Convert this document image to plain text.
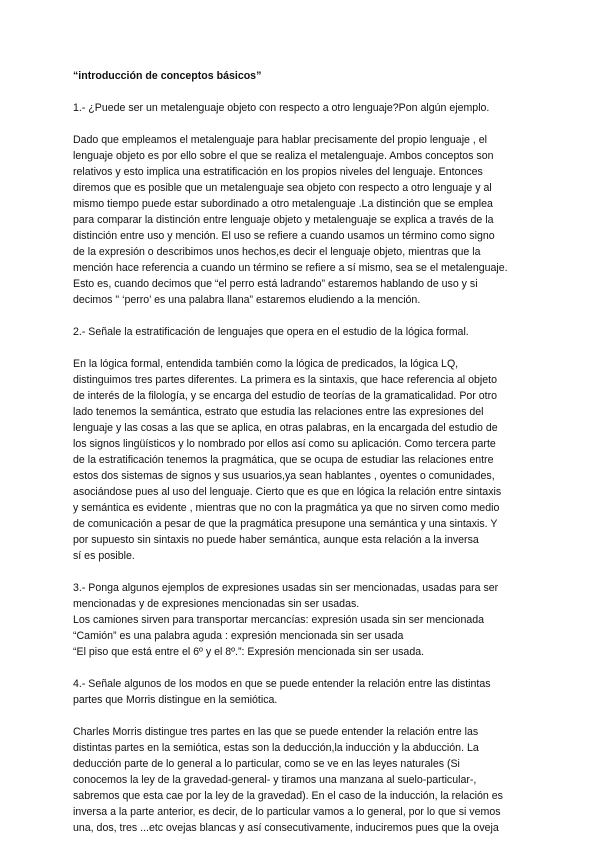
“introducción de conceptos básicos”
1.- ¿Puede ser un metalenguaje objeto con respecto a otro lenguaje?Pon algún ejemplo.
Dado que empleamos el metalenguaje para hablar precisamente del propio lenguaje , el
lenguaje objeto es por ello sobre el que se realiza el metalenguaje. Ambos conceptos son
relativos y esto implica una estratificación en los propios niveles del lenguaje. Entonces
diremos que es posible que un metalenguaje sea objeto con respecto a otro lenguaje y al
mismo tiempo puede estar subordinado a otro metalenguaje .La distinción que se emplea
para comparar la distinción entre lenguaje objeto y metalenguaje se explica a través de la
distinción entre uso y mención. El uso se refiere a cuando usamos un término como signo
de la expresión o describimos unos hechos,es decir el lenguaje objeto, mientras que la
mención hace referencia a cuando un término se refiere a sí mismo, sea se el metalenguaje.
Esto es, cuando decimos que “el perro está ladrando” estaremos hablando de uso y si
decimos " ‘perro’ es una palabra llana” estaremos eludiendo a la mención.
2.- Señale la estratificación de lenguajes que opera en el estudio de la lógica formal.
En la lógica formal, entendida también como la lógica de predicados, la lógica LQ,
distinguimos tres partes diferentes. La primera es la sintaxis, que hace referencia al objeto
de interés de la filología, y se encarga del estudio de teorías de la gramaticalidad. Por otro
lado tenemos la semántica, estrato que estudia las relaciones entre las expresiones del
lenguaje y las cosas a las que se aplica, en otras palabras, en la encargada del estudio de
los signos lingüísticos y lo nombrado por ellos así como su aplicación. Como tercera parte
de la estratificación tenemos la pragmática, que se ocupa de estudiar las relaciones entre
estos dos sistemas de signos y sus usuarios,ya sean hablantes , oyentes o comunidades,
asociándose pues al uso del lenguaje. Cierto que es que en lógica la relación entre sintaxis
y semántica es evidente , mientras que no con la pragmática ya que no sirven como medio
de comunicación a pesar de que la pragmática presupone una semántica y una sintaxis. Y
por supuesto sin sintaxis no puede haber semántica, aunque esta relación a la inversa
sí es posible.
3.- Ponga algunos ejemplos de expresiones usadas sin ser mencionadas, usadas para ser
mencionadas y de expresiones mencionadas sin ser usadas.
Los camiones sirven para transportar mercancías: expresión usada sin ser mencionada
“Camión” es una palabra aguda : expresión mencionada sin ser usada
“El piso que está entre el 6º y el 8º.”: Expresión mencionada sin ser usada.
4.- Señale algunos de los modos en que se puede entender la relación entre las distintas
partes que Morris distingue en la semiótica.
Charles Morris distingue tres partes en las que se puede entender la relación entre las
distintas partes en la semiótica, estas son la deducción,la inducción y la abducción. La
deducción parte de lo general a lo particular, como se ve en las leyes naturales (Si
conocemos la ley de la gravedad-general- y tiramos una manzana al suelo-particular-,
sabremos que esta cae por la ley de la gravedad). En el caso de la inducción, la relación es
inversa a la parte anterior, es decir, de lo particular vamos a lo general, por lo que si vemos
una, dos, tres ...etc ovejas blancas y así consecutivamente, induciremos pues que la oveja
